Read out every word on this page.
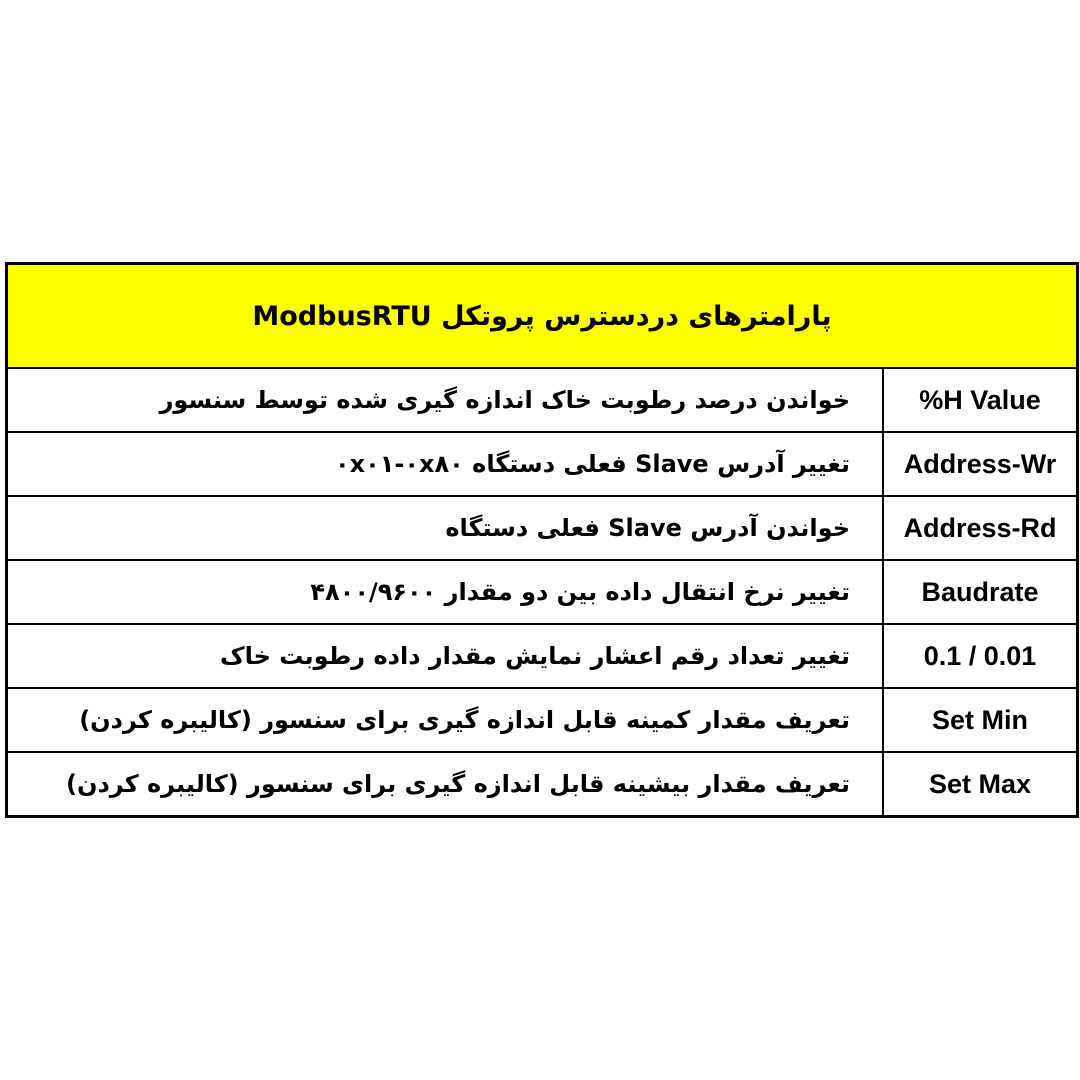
پارامترهای دردسترس پروتکل ModbusRTU
خواندن درصد رطوبت خاک اندازه گیری شده توسط سنسور	%H Value
تغییر آدرس Slave فعلی دستگاه ۰x۰۱-۰x۸۰	Address-Wr
خواندن آدرس Slave فعلی دستگاه	Address-Rd
تغییر نرخ انتقال داده بین دو مقدار ۴۸۰۰/۹۶۰۰	Baudrate
تغییر تعداد رقم اعشار نمایش مقدار داده رطوبت خاک	0.1 / 0.01
تعریف مقدار کمینه قابل اندازه گیری برای سنسور (کالیبره کردن)	Set Min
تعریف مقدار بیشینه قابل اندازه گیری برای سنسور (کالیبره کردن)	Set Max
